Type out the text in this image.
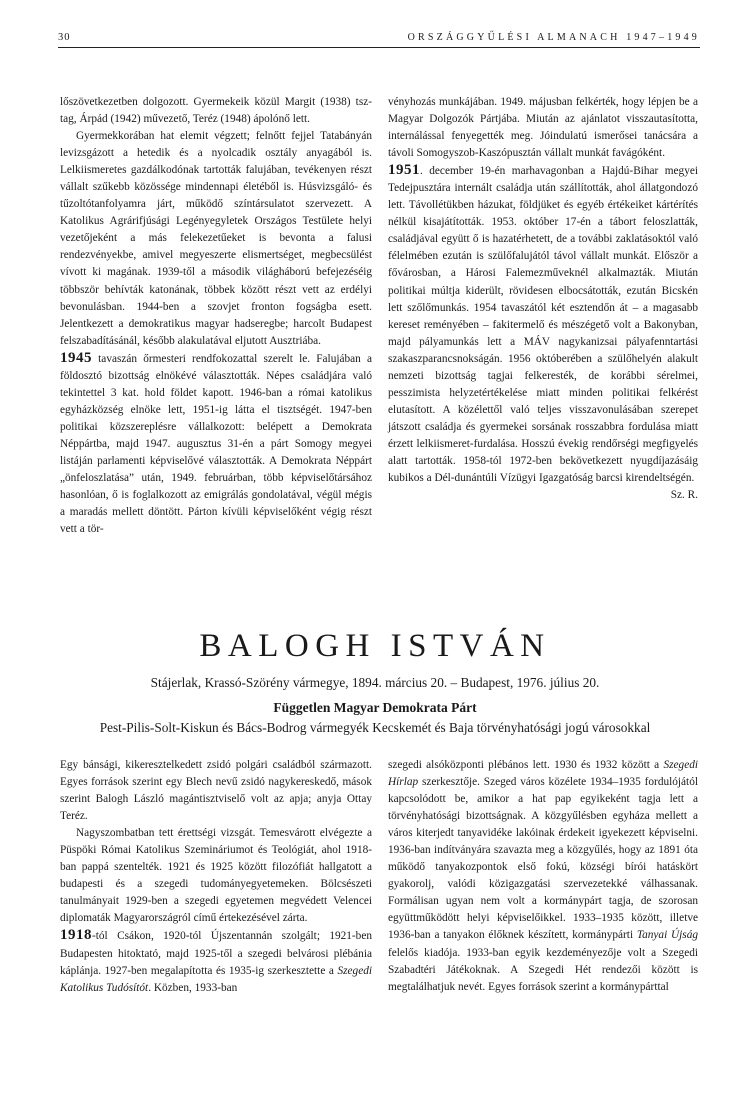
30	ORSZÁGGYŰLÉSI ALMANACH 1947–1949

lőszövetkezetben dolgozott. Gyermekeik közül Margit (1938) tsz-tag, Árpád (1942) művezető, Teréz (1948) ápolónő lett.

Gyermekkorában hat elemit végzett; felnőtt fejjel Tatabányán levizsgázott a hetedik és a nyolcadik osztály anyagából is. Lelkiismeretes gazdálkodónak tartották falujában, tevékenyen részt vállalt szűkebb közössége mindennapi életéből is. Húsvizsgáló- és tűzoltótanfolyamra járt, működő színtársulatot szervezett. A Katolikus Agrárifjúsági Legényegyletek Országos Testülete helyi vezetőjeként a más felekezetűeket is bevonta a falusi rendezvényekbe, amivel megyeszerte elismertséget, megbecsülést vívott ki magának. 1939-től a második világháború befejezéséig többször behívták katonának, többek között részt vett az erdélyi bevonulásban. 1944-ben a szovjet fronton fogságba esett. Jelentkezett a demokratikus magyar hadseregbe; harcolt Budapest felszabadításánál, később alakulatával eljutott Ausztriába.

1945 tavaszán őrmesteri rendfokozattal szerelt le. Falujában a földosztó bizottság elnökévé választották. Népes családjára való tekintettel 3 kat. hold földet kapott. 1946-ban a római katolikus egyházközség elnöke lett, 1951-ig látta el tisztségét. 1947-ben politikai közszereplésre vállalkozott: belépett a Demokrata Néppártba, majd 1947. augusztus 31-én a párt Somogy megyei listáján parlamenti képviselővé választották. A Demokrata Néppárt „önfeloszlatása” után, 1949. februárban, több képviselőtársához hasonlóan, ő is foglalkozott az emigrálás gondolatával, végül mégis a maradás mellett döntött. Párton kívüli képviselőként végig részt vett a tör-

vényhozás munkájában. 1949. májusban felkérték, hogy lépjen be a Magyar Dolgozók Pártjába. Miután az ajánlatot visszautasította, internálással fenyegették meg. Jóindulatú ismerősei tanácsára a távoli Somogyszob-Kaszópusztán vállalt munkát favágóként.

1951. december 19-én marhavagonban a Hajdú-Bihar megyei Tedejpusztára internált családja után szállították, ahol állatgondozó lett. Távollétükben házukat, földjüket és egyéb értékeiket kártérítés nélkül kisajátították. 1953. október 17-én a tábort feloszlatták, családjával együtt ő is hazatérhetett, de a további zaklatásoktól való félelmében ezután is szülőfalujától távol vállalt munkát. Először a fővárosban, a Hárosi Falemezműveknél alkalmazták. Miután politikai múltja kiderült, rövidesen elbocsátották, ezután Bicskén lett szőlőmunkás. 1954 tavaszától két esztendőn át – a magasabb kereset reményében – fakitermelő és mészégető volt a Bakonyban, majd pályamunkás lett a MÁV nagykanizsai pályafenntartási szakaszparancsnokságán. 1956 októberében a szülőhelyén alakult nemzeti bizottság tagjai felkeresték, de korábbi sérelmei, pesszimista helyzetértékelése miatt minden politikai felkérést elutasított. A közélettől való teljes visszavonulásában szerepet játszott családja és gyermekei sorsának rosszabbra fordulása miatt érzett lelkiismeret-furdalása. Hosszú évekig rendőrségi megfigyelés alatt tartották. 1958-tól 1972-ben bekövetkezett nyugdíjazásáig kubikos a Dél-dunántúli Vízügyi Igazgatóság barcsi kirendeltségén.

Sz. R.

BALOGH ISTVÁN
Stájerlak, Krassó-Szörény vármegye, 1894. március 20. – Budapest, 1976. július 20.
Független Magyar Demokrata Párt
Pest-Pilis-Solt-Kiskun és Bács-Bodrog vármegyék Kecskemét és Baja törvényhatósági jogú városokkal

Egy bánsági, kikeresztelkedett zsidó polgári családból származott. Egyes források szerint egy Blech nevű zsidó nagykereskedő, mások szerint Balogh László magántisztviselő volt az apja; anyja Ottay Teréz.

Nagyszombatban tett érettségi vizsgát. Temesvárott elvégezte a Püspöki Római Katolikus Szemináriumot és Teológiát, ahol 1918-ban pappá szentelték. 1921 és 1925 között filozófiát hallgatott a budapesti és a szegedi tudományegyetemeken. Bölcsészeti tanulmányait 1929-ben a szegedi egyetemen megvédett Velencei diplomaták Magyarországról című értekezésével zárta.

1918-tól Csákon, 1920-tól Újszentannán szolgált; 1921-ben Budapesten hitoktató, majd 1925-től a szegedi belvárosi plébánia káplánja. 1927-ben megalapította és 1935-ig szerkesztette a Szegedi Katolikus Tudósítót. Közben, 1933-ban

szegedi alsóközponti plébános lett. 1930 és 1932 között a Szegedi Hírlap szerkesztője. Szeged város közélete 1934–1935 fordulójától kapcsolódott be, amikor a hat pap egyikeként tagja lett a törvényhatósági bizottságnak. A közgyűlésben egyháza mellett a város kiterjedt tanyavidéke lakóinak érdekeit igyekezett képviselni. 1936-ban indítványára szavazta meg a közgyűlés, hogy az 1891 óta működő tanyakozpontok első fokú, községi bírói hatáskört gyakorolj, valódi közigazgatási szervezetekké válhassanak. Formálisan ugyan nem volt a kormánypárt tagja, de szorosan együttműködött helyi képviselőikkel. 1933–1935 között, illetve 1936-ban a tanyakon élőknek készített, kormánypárti Tanyai Újság felelős kiadója. 1933-ban egyik kezdeményezője volt a Szegedi Szabadtéri Játékoknak. A Szegedi Hét rendezői között is megtalálhatjuk nevét. Egyes források szerint a kormánypárttal
